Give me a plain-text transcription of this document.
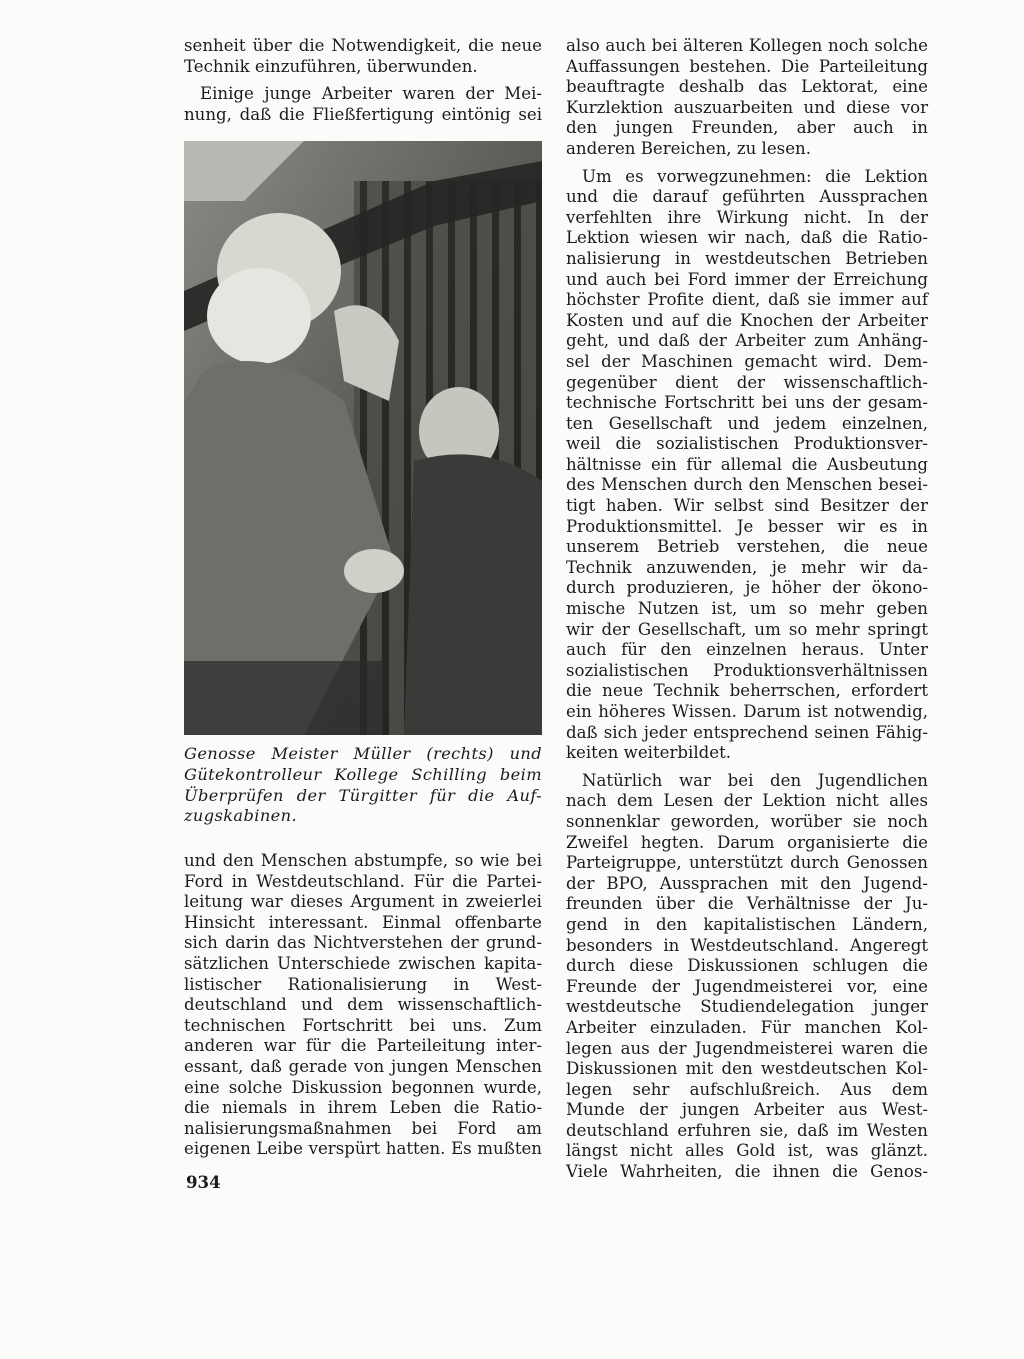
senheit über die Notwendigkeit, die neue
Technik einzuführen, überwunden.
Einige junge Arbeiter waren der Mei-
nung, daß die Fließfertigung eintönig sei
Genosse Meister Müller (rechts) und
Gütekontrolleur Kollege Schilling beim
Überprüfen der Türgitter für die Auf-
zugskabinen.
und den Menschen abstumpfe, so wie bei
Ford in Westdeutschland. Für die Partei-
leitung war dieses Argument in zweierlei
Hinsicht interessant. Einmal offenbarte
sich darin das Nichtverstehen der grund-
sätzlichen Unterschiede zwischen kapita-
listischer Rationalisierung in West-
deutschland und dem wissenschaftlich-
technischen Fortschritt bei uns. Zum
anderen war für die Parteileitung inter-
essant, daß gerade von jungen Menschen
eine solche Diskussion begonnen wurde,
die niemals in ihrem Leben die Ratio-
nalisierungsmaßnahmen bei Ford am
eigenen Leibe verspürt hatten. Es mußten
also auch bei älteren Kollegen noch solche
Auffassungen bestehen. Die Parteileitung
beauftragte deshalb das Lektorat, eine
Kurzlektion auszuarbeiten und diese vor
den jungen Freunden, aber auch in
anderen Bereichen, zu lesen.
Um es vorwegzunehmen: die Lektion
und die darauf geführten Aussprachen
verfehlten ihre Wirkung nicht. In der
Lektion wiesen wir nach, daß die Ratio-
nalisierung in westdeutschen Betrieben
und auch bei Ford immer der Erreichung
höchster Profite dient, daß sie immer auf
Kosten und auf die Knochen der Arbeiter
geht, und daß der Arbeiter zum Anhäng-
sel der Maschinen gemacht wird. Dem-
gegenüber dient der wissenschaftlich-
technische Fortschritt bei uns der gesam-
ten Gesellschaft und jedem einzelnen,
weil die sozialistischen Produktionsver-
hältnisse ein für allemal die Ausbeutung
des Menschen durch den Menschen besei-
tigt haben. Wir selbst sind Besitzer der
Produktionsmittel. Je besser wir es in
unserem Betrieb verstehen, die neue
Technik anzuwenden, je mehr wir da-
durch produzieren, je höher der ökono-
mische Nutzen ist, um so mehr geben
wir der Gesellschaft, um so mehr springt
auch für den einzelnen heraus. Unter
sozialistischen Produktionsverhältnissen
die neue Technik beherrschen, erfordert
ein höheres Wissen. Darum ist notwendig,
daß sich jeder entsprechend seinen Fähig-
keiten weiterbildet.
Natürlich war bei den Jugendlichen
nach dem Lesen der Lektion nicht alles
sonnenklar geworden, worüber sie noch
Zweifel hegten. Darum organisierte die
Parteigruppe, unterstützt durch Genossen
der BPO, Aussprachen mit den Jugend-
freunden über die Verhältnisse der Ju-
gend in den kapitalistischen Ländern,
besonders in Westdeutschland. Angeregt
durch diese Diskussionen schlugen die
Freunde der Jugendmeisterei vor, eine
westdeutsche Studiendelegation junger
Arbeiter einzuladen. Für manchen Kol-
legen aus der Jugendmeisterei waren die
Diskussionen mit den westdeutschen Kol-
legen sehr aufschlußreich. Aus dem
Munde der jungen Arbeiter aus West-
deutschland erfuhren sie, daß im Westen
längst nicht alles Gold ist, was glänzt.
Viele Wahrheiten, die ihnen die Genos-
934
